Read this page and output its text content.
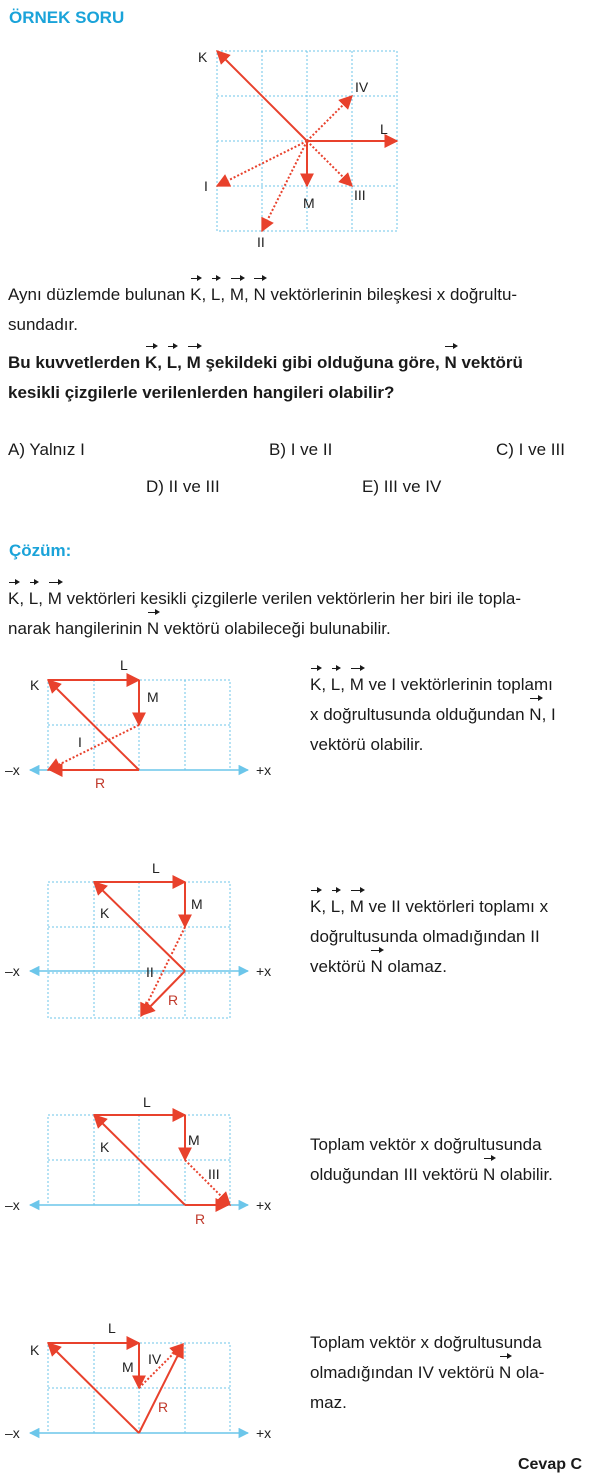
ÖRNEK SORU
K
L
M
I
II
III
IV
Aynı düzlemde bulunan K, L, M, N vektörlerinin bileşkesi x doğrultu-
sundadır.
Bu kuvvetlerden K, L, M şekildeki gibi olduğuna göre, N vektörü
kesikli çizgilerle verilenlerden hangileri olabilir?
A) Yalnız I	B) I ve II	C) I ve III
D) II ve III	E) III ve IV
Çözüm:
K, L, M vektörleri kesikli çizgilerle verilen vektörlerin her biri ile topla-
narak hangilerinin N vektörü olabileceği bulunabilir.
K
L
M
I
R
–x	+x
K, L, M ve I vektörlerinin toplamı
x doğrultusunda olduğundan N, I
vektörü olabilir.
K
L
M
II
R
–x	+x
K, L, M ve II vektörleri toplamı x
doğrultusunda olmadığından II
vektörü N olamaz.
K
L
M
III
R
–x	+x
Toplam vektör x doğrultusunda
olduğundan III vektörü N olabilir.
K
L
M IV
R
–x	+x
Toplam vektör x doğrultusunda
olmadığından IV vektörü N ola-
maz.
Cevap C
